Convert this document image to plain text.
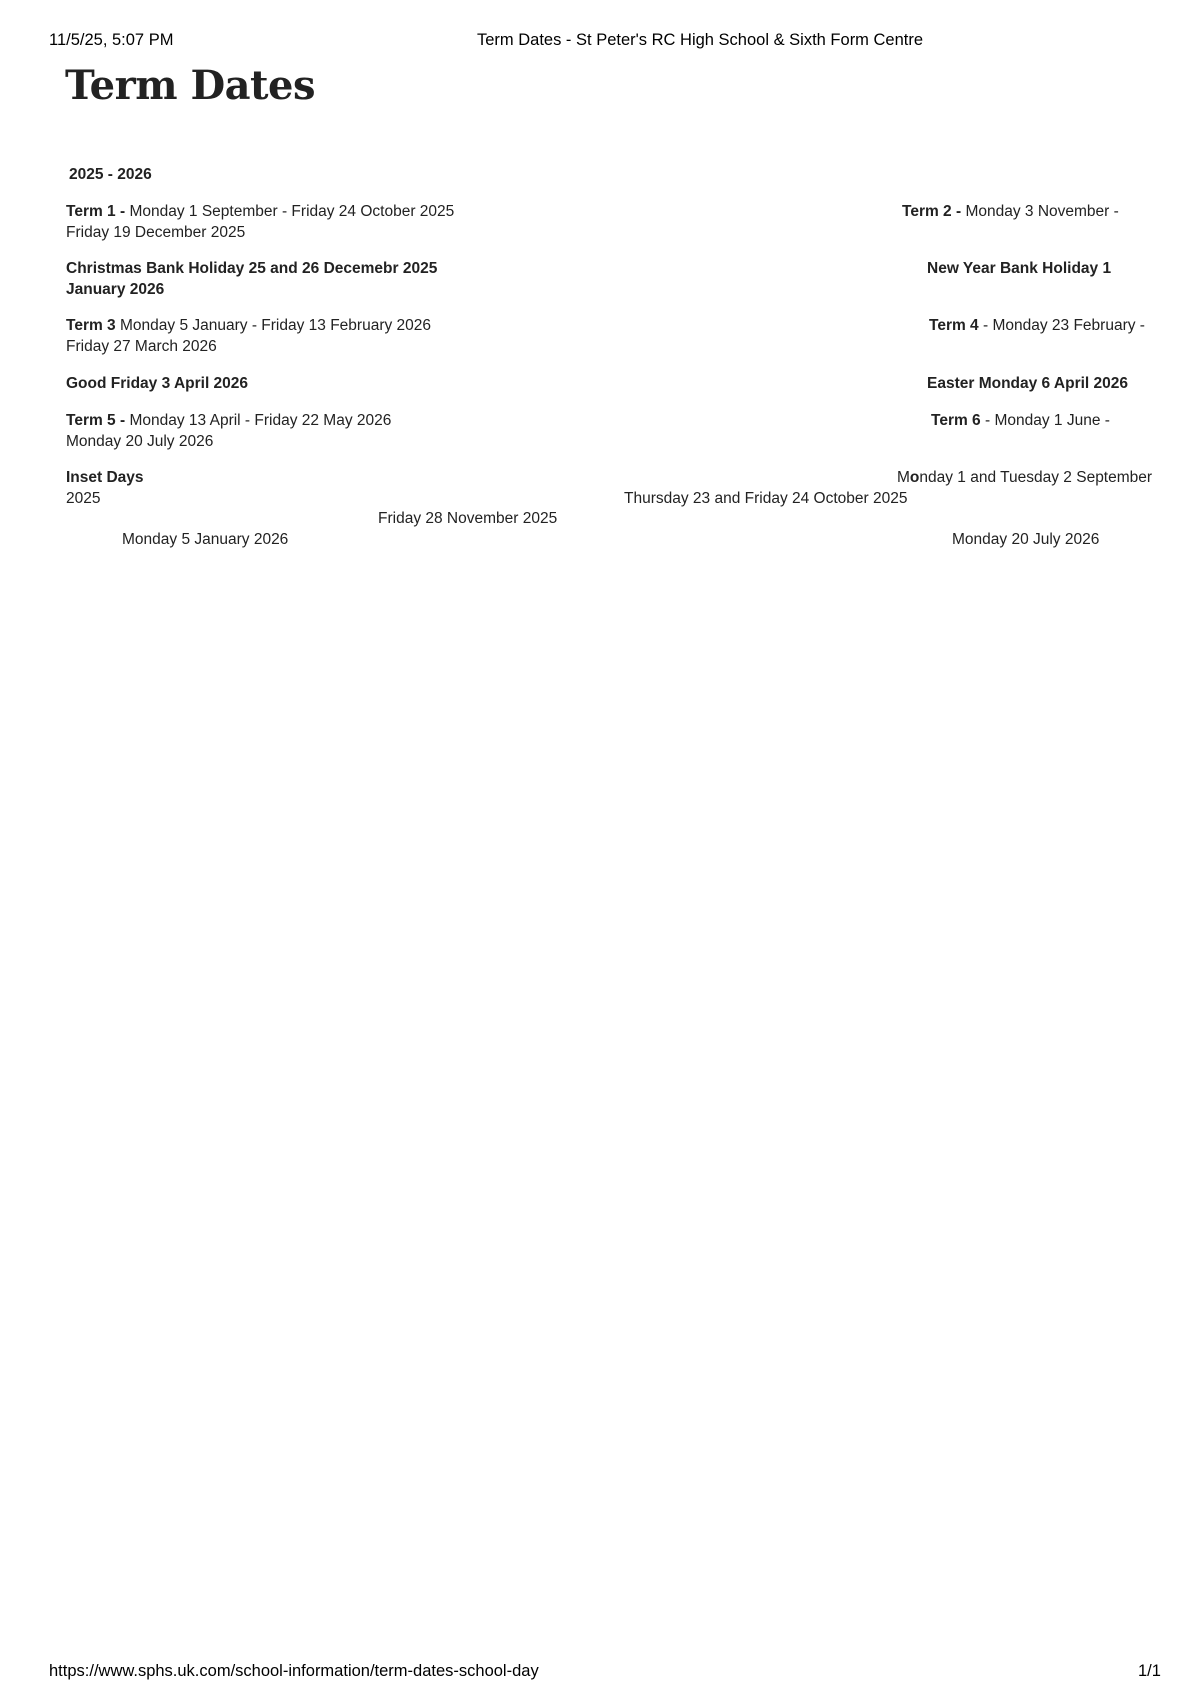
11/5/25, 5:07 PM	Term Dates - St Peter's RC High School & Sixth Form Centre
Term Dates
2025 - 2026
Term 1 - Monday 1 September - Friday 24 October 2025	Term 2 - Monday 3 November -
Friday 19 December 2025
Christmas Bank Holiday 25 and 26 Decemebr 2025	New Year Bank Holiday 1
January 2026
Term 3 Monday 5 January - Friday 13 February 2026	Term 4 - Monday 23 February -
Friday 27 March 2026
Good Friday 3 April 2026	Easter Monday 6 April 2026
Term 5 - Monday 13 April - Friday 22 May 2026	Term 6 - Monday 1 June -
Monday 20 July 2026
Inset Days	Monday 1 and Tuesday 2 September
2025	Thursday 23 and Friday 24 October 2025
Friday 28 November 2025
Monday 5 January 2026	Monday 20 July 2026
https://www.sphs.uk.com/school-information/term-dates-school-day	1/1
